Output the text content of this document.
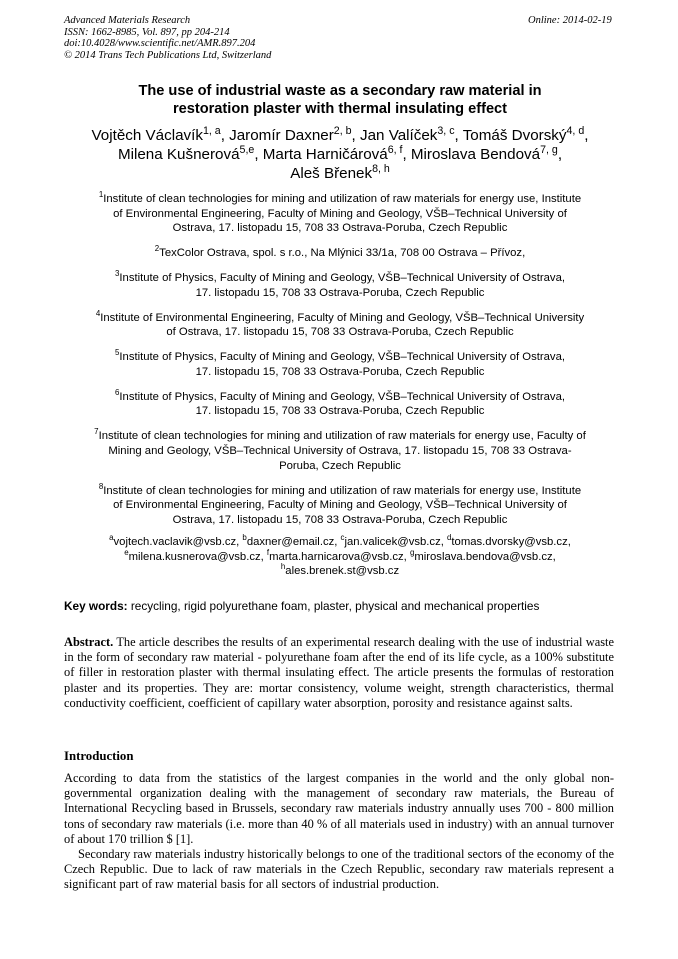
Advanced Materials Research
ISSN: 1662-8985, Vol. 897, pp 204-214
doi:10.4028/www.scientific.net/AMR.897.204
© 2014 Trans Tech Publications Ltd, Switzerland
Online: 2014-02-19
The use of industrial waste as a secondary raw material in
restoration plaster with thermal insulating effect
Vojtěch Václavík$^{1, a}$, Jaromír Daxner$^{2, b}$, Jan Valíček$^{3, c}$, Tomáš Dvorský$^{4, d}$,
Milena Kušnerová$^{5,e}$, Marta Harničárová$^{6, f}$, Miroslava Bendová$^{7, g}$,
Aleš Břenek$^{8, h}$
$^1$Institute of clean technologies for mining and utilization of raw materials for energy use, Institute
of Environmental Engineering, Faculty of Mining and Geology, VŠB–Technical University of
Ostrava, 17. listopadu 15, 708 33 Ostrava-Poruba, Czech Republic
$^2$TexColor Ostrava, spol. s r.o., Na Mlýnici 33/1a, 708 00 Ostrava – Přívoz,
$^3$Institute of Physics, Faculty of Mining and Geology, VŠB–Technical University of Ostrava,
17. listopadu 15, 708 33 Ostrava-Poruba, Czech Republic
$^4$Institute of Environmental Engineering, Faculty of Mining and Geology, VŠB–Technical University
of Ostrava, 17. listopadu 15, 708 33 Ostrava-Poruba, Czech Republic
$^5$Institute of Physics, Faculty of Mining and Geology, VŠB–Technical University of Ostrava,
17. listopadu 15, 708 33 Ostrava-Poruba, Czech Republic
$^6$Institute of Physics, Faculty of Mining and Geology, VŠB–Technical University of Ostrava,
17. listopadu 15, 708 33 Ostrava-Poruba, Czech Republic
$^7$Institute of clean technologies for mining and utilization of raw materials for energy use, Faculty of
Mining and Geology, VŠB–Technical University of Ostrava, 17. listopadu 15, 708 33 Ostrava-
Poruba, Czech Republic
$^8$Institute of clean technologies for mining and utilization of raw materials for energy use, Institute
of Environmental Engineering, Faculty of Mining and Geology, VŠB–Technical University of
Ostrava, 17. listopadu 15, 708 33 Ostrava-Poruba, Czech Republic
$^a$vojtech.vaclavik@vsb.cz, $^b$daxner@email.cz, $^c$jan.valicek@vsb.cz, $^d$tomas.dvorsky@vsb.cz,
$^e$milena.kusnerova@vsb.cz, $^f$marta.harnicarova@vsb.cz, $^g$miroslava.bendova@vsb.cz,
$^h$ales.brenek.st@vsb.cz
Key words: recycling, rigid polyurethane foam, plaster, physical and mechanical properties
Abstract. The article describes the results of an experimental research dealing with the use of industrial waste in the form of secondary raw material - polyurethane foam after the end of its life cycle, as a 100% substitute of filler in restoration plaster with thermal insulating effect. The article presents the formulas of restoration plaster and its properties. They are: mortar consistency, volume weight, strength characteristics, thermal conductivity coefficient, coefficient of capillary water absorption, porosity and resistance against salts.
Introduction

According to data from the statistics of the largest companies in the world and the only global non-governmental organization dealing with the management of secondary raw materials, the Bureau of International Recycling based in Brussels, secondary raw materials industry annually uses 700 - 800 million tons of secondary raw materials (i.e. more than 40 % of all materials used in industry) with an annual turnover of about 170 trillion $ [1].

Secondary raw materials industry historically belongs to one of the traditional sectors of the economy of the Czech Republic. Due to lack of raw materials in the Czech Republic, secondary raw materials represent a significant part of raw material basis for all sectors of industrial production.
